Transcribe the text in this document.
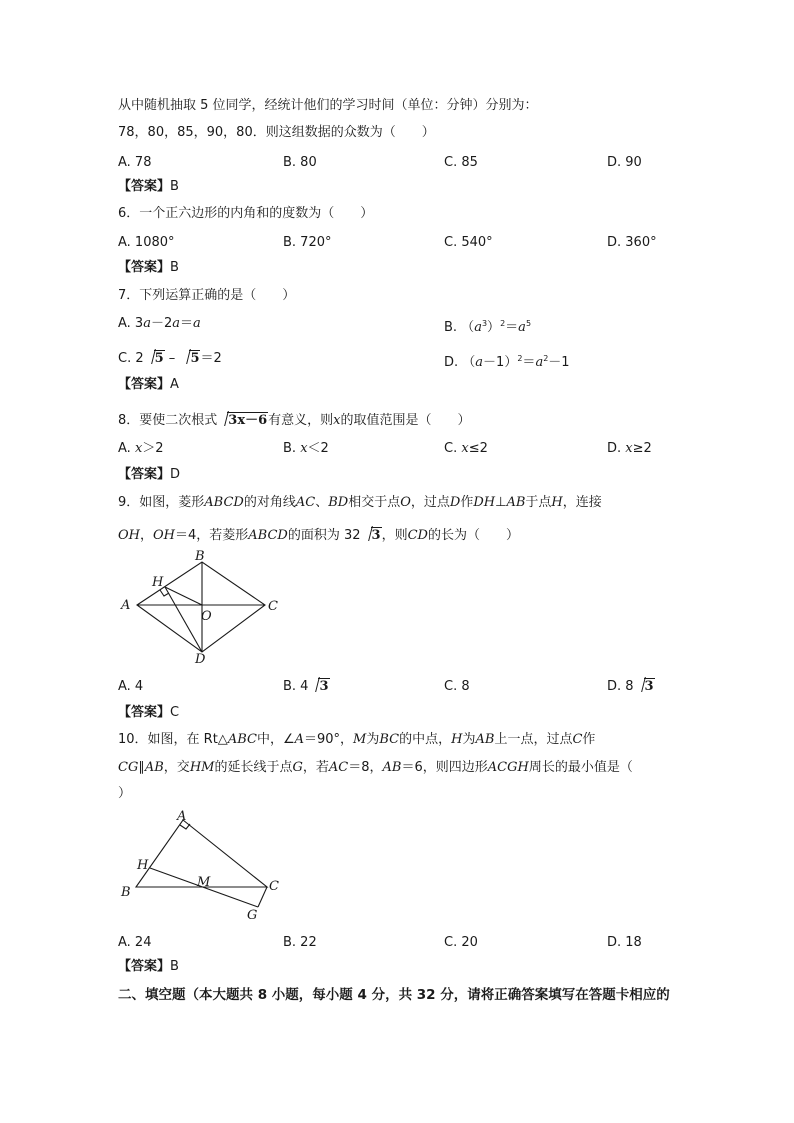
从中随机抽取 5 位同学，经统计他们的学习时间（单位：分钟）分别为：
78，80，85，90，80．则这组数据的众数为（　　）
A. 78	B. 80	C. 85	D. 90
【答案】B
6．一个正六边形的内角和的度数为（　　）
A. 1080°	B. 720°	C. 540°	D. 360°
【答案】B
7．下列运算正确的是（　　）
A. 3a－2a＝a	B. $(a^3)^2=a^5$
C. 2 5 – 5＝2	D. $(a-1)^2=a^2-1$
【答案】A
8．要使二次根式 3x－6有意义，则x的取值范围是（　　）
A. x＞2	B. x＜2	C. x≤2	D. x≥2
【答案】D
9．如图，菱形ABCD的对角线AC、BD相交于点O，过点D作DH⊥AB于点H，连接
OH，OH＝4，若菱形ABCD的面积为 32 3，则CD的长为（　　）
A
B
C
D
H
O
A. 4	B. 4 3	C. 8	D. 8 3
【答案】C
10．如图，在 Rt△ABC中，∠A＝90°，M为BC的中点，H为AB上一点，过点C作
CG∥AB，交HM的延长线于点G，若AC＝8，AB＝6，则四边形ACGH周长的最小值是（
）
A
B	C
G
H
M
A. 24	B. 22	C. 20	D. 18
【答案】B
二、填空题（本大题共 8 小题，每小题 4 分，共 32 分，请将正确答案填写在答题卡相应的
